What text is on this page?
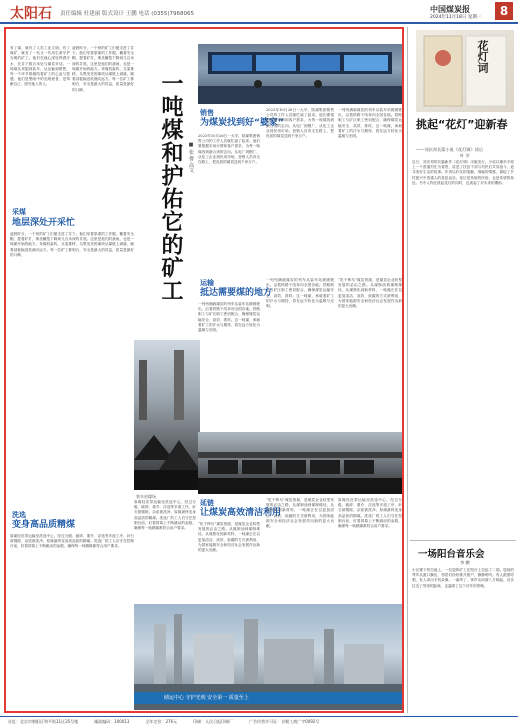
太阳石 责任编辑 杜建丽 版式设计 王鹏 电话 (0355)7968065	中国煤炭报
2024年11月18日 星期一	8
有了煤，就有了人类工业文明；有了煤矿，就有了一代又一代用生命守护光明的矿工。他们在地心深处挥洒汗水，在井下数百米处与煤炭对话。一吨煤从采掘到装车，从运输到销售，每一个环节都凝结着矿工的心血与智慧。他们是黑暗中的光明使者，是奉献自己、照亮他人的人。
凌晨时分，一个班的矿工们便走进了井下。他们穿着厚重的工作服，戴着安全帽，提着矿灯，乘坐罐笼下降到几百米深的井底。这里是他们的战场，也是一吨煤开始的地方。采煤机轰鸣，支架推移，乌黑发亮的煤块从煤壁上剥落，顺着刮板输送机流向远方。每一位矿工都明白，安全是最大的效益，质量是最好的口碑。
采煤
地层深处开采忙
凌晨时分，一个班的矿工们便走进了井下。他们穿着厚重的工作服，戴着安全帽，提着矿灯，乘坐罐笼下降到几百米深的井底。这里是他们的战场，也是一吨煤开始的地方。采煤机轰鸣，支架推移，乌黑发亮的煤块从煤壁上剥落，顺着刮板输送机流向远方。每一位矿工都明白，安全是最大的效益，质量是最好的口碑。
洗选
变身高品质精煤
原煤经皮带运输至洗选中心，经过分级、破碎、重介、浮选等多道工序，矸石被剔除，杂质被洗净，原煤最终变身高品质的精煤。洗选厂的工人们守在控制台前，盯着屏幕上不断跳动的参数，确保每一吨精煤都符合用户要求。
一吨煤和护佑它的矿工 ■ 张 曹 高文
销售
为煤炭找到好“婆家”
2023年10月26日一大早，陕煤集团销售公司的工作人员就忙碌了起来。他们要根据市场行情和客户需求，为每一吨煤找到最合适的去向。从电厂到钢厂，从化工企业到民用市场，营销人员奔走在路上，把优质的煤炭送到千家万户。
2023年10月26日一大早，陕煤集团销售公司的工作人员就忙碌了起来。他们要根据市场行情和客户需求，为每一吨煤找到最合适的去向。从电厂到钢厂，从化工企业到民用市场，营销人员奔走在路上，把优质的煤炭送到千家万户。
一列列满载煤炭的列车从装车站缓缓驶出，沿着铁路干线奔向全国各地。铁路职工与矿区职工密切配合，确保煤炭运输安全、高效、准时。这一吨煤，承载着矿工的汗水与期待，将在远方转化为温暖与光明。
运输
抵达需要煤的地方
一列列满载煤炭的列车从装车站缓缓驶出，沿着铁路干线奔向全国各地。铁路职工与矿区职工密切配合，确保煤炭运输安全、高效、准时。这一吨煤，承载着矿工的汗水与期待，将在远方转化为温暖与光明。
一列列满载煤炭的列车从装车站缓缓驶出，沿着铁路干线奔向全国各地。铁路职工与矿区职工密切配合，确保煤炭运输安全、高效、准时。这一吨煤，承载着矿工的汗水与期待，将在远方转化为温暖与光明。
“吃干榨尽”煤炭资源，是煤炭企业转型发展的必由之路。从煤制油到煤制烯烃，从煤焦化到新材料，一吨煤正在以更加清洁、高效、低碳的方式被利用，为国家能源安全和经济社会发展作出新的更大贡献。
装车站煤场
延链
让煤炭高效清洁利用
“吃干榨尽”煤炭资源，是煤炭企业转型发展的必由之路。从煤制油到煤制烯烃，从煤焦化到新材料，一吨煤正在以更加清洁、高效、低碳的方式被利用，为国家能源安全和经济社会发展作出新的更大贡献。
“吃干榨尽”煤炭资源，是煤炭企业转型发展的必由之路。从煤制油到煤制烯烃，从煤焦化到新材料，一吨煤正在以更加清洁、高效、低碳的方式被利用，为国家能源安全和经济社会发展作出新的更大贡献。
原煤经皮带运输至洗选中心，经过分级、破碎、重介、浮选等多道工序，矸石被剔除，杂质被洗净，原煤最终变身高品质的精煤。洗选厂的工人们守在控制台前，盯着屏幕上不断跳动的参数，确保每一吨精煤都符合用户要求。
原煤经皮带运输至洗选中心，经过分级、破碎、重介、浮选等多道工序，矸石被剔除，杂质被洗净，原煤最终变身高品质的精煤。洗选厂的工人们守在控制台前，盯着屏幕上不断跳动的参数，确保每一吨精煤都符合用户要求。
储运中心 守护光明 安全第一 质量至上
花灯词
挑起“花灯”迎新春
——刘庆邦长篇小说《花灯调》读后
叶 芳
近日，刘庆邦的长篇新作《花灯调》出版发行。小说以豫东平原上一个普通村庄为背景，讲述了扶贫干部与村民们共同奋斗、追寻美好生活的故事。作者以朴实的笔触、细腻的情感，描绘了乡村振兴中普通人的喜怒哀乐。花灯是传统的民俗，也是希望的象征。书中人物在挑起花灯的同时，也挑起了对未来的期盼。
一场阳台音乐会
李 鹏
小区楼下的空地上，一位退休矿工在阳台上拉起了二胡。悠扬的琴声从窗口飘出，邻居们纷纷推开窗户，静静聆听。有人跟着哼唱，有人拿出手机录像。一曲终了，掌声从四面八方响起。音乐拉近了邻里的距离，也温暖了这个初冬的傍晚。
社址：北京市朝阳区和平街11区35号楼	邮政编码：100013	全年定价：276元	印刷：人民日报印刷厂	广告经营许可证：京朝工商广字0092号
